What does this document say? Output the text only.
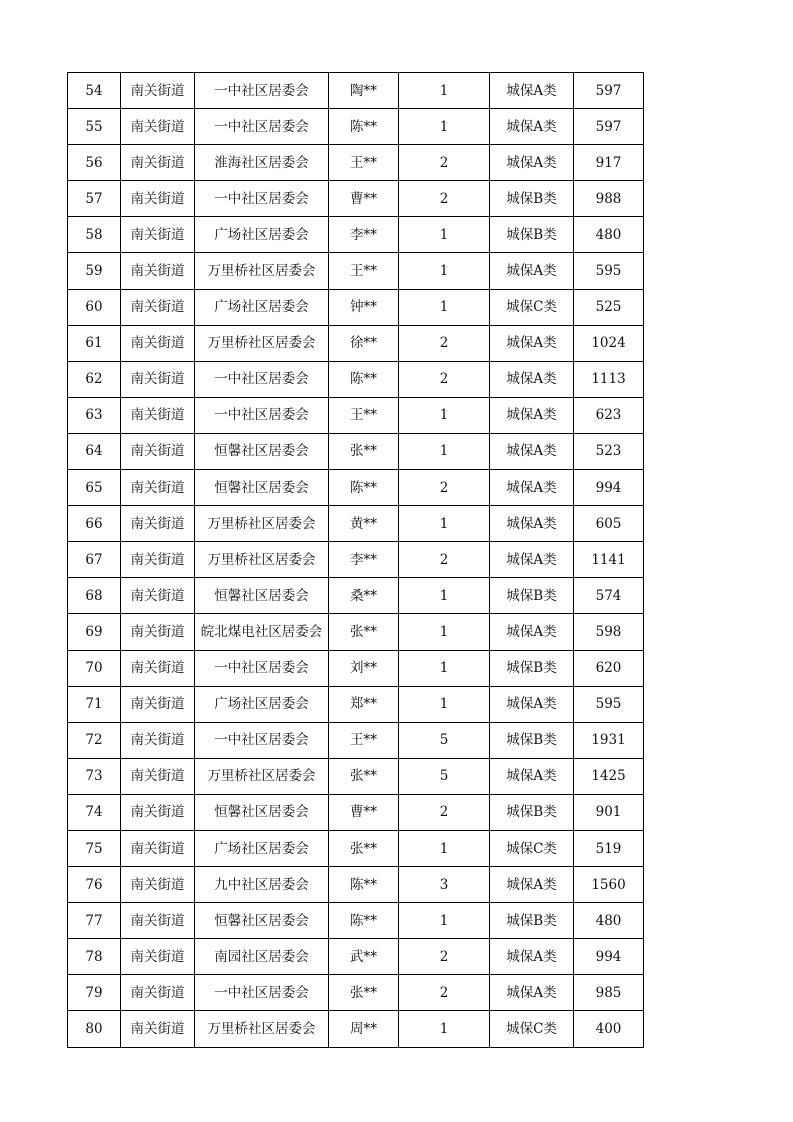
54	南关街道	一中社区居委会	陶**	1	城保A类	597
55	南关街道	一中社区居委会	陈**	1	城保A类	597
56	南关街道	淮海社区居委会	王**	2	城保A类	917
57	南关街道	一中社区居委会	曹**	2	城保B类	988
58	南关街道	广场社区居委会	李**	1	城保B类	480
59	南关街道	万里桥社区居委会	王**	1	城保A类	595
60	南关街道	广场社区居委会	钟**	1	城保C类	525
61	南关街道	万里桥社区居委会	徐**	2	城保A类	1024
62	南关街道	一中社区居委会	陈**	2	城保A类	1113
63	南关街道	一中社区居委会	王**	1	城保A类	623
64	南关街道	恒馨社区居委会	张**	1	城保A类	523
65	南关街道	恒馨社区居委会	陈**	2	城保A类	994
66	南关街道	万里桥社区居委会	黄**	1	城保A类	605
67	南关街道	万里桥社区居委会	李**	2	城保A类	1141
68	南关街道	恒馨社区居委会	桑**	1	城保B类	574
69	南关街道	皖北煤电社区居委会	张**	1	城保A类	598
70	南关街道	一中社区居委会	刘**	1	城保B类	620
71	南关街道	广场社区居委会	郑**	1	城保A类	595
72	南关街道	一中社区居委会	王**	5	城保B类	1931
73	南关街道	万里桥社区居委会	张**	5	城保A类	1425
74	南关街道	恒馨社区居委会	曹**	2	城保B类	901
75	南关街道	广场社区居委会	张**	1	城保C类	519
76	南关街道	九中社区居委会	陈**	3	城保A类	1560
77	南关街道	恒馨社区居委会	陈**	1	城保B类	480
78	南关街道	南园社区居委会	武**	2	城保A类	994
79	南关街道	一中社区居委会	张**	2	城保A类	985
80	南关街道	万里桥社区居委会	周**	1	城保C类	400
